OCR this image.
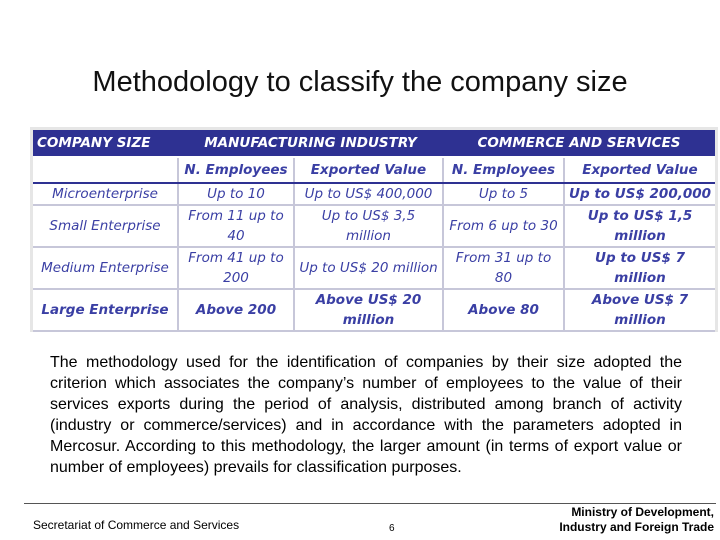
Methodology to classify the company size
COMPANY SIZE	MANUFACTURING INDUSTRY		COMMERCE AND SERVICES	
	N. Employees	Exported Value	N. Employees	Exported Value
Microenterprise	Up to 10	Up to US$ 400,000	Up to 5	Up to US$ 200,000
Small Enterprise	From 11 up to 40	Up to US$ 3,5 million	From 6 up to 30	Up to US$ 1,5 million
Medium Enterprise	From 41 up to 200	Up to US$ 20 million	From 31 up to 80	Up to US$ 7 million
Large Enterprise	Above 200	Above US$ 20 million	Above 80	Above US$ 7 million
The methodology used for the identification of companies by their size adopted the criterion which associates the company’s number of employees to the value of their services exports during the period of analysis, distributed among branch of activity (industry or commerce/services) and in accordance with the parameters adopted in Mercosur. According to this methodology, the larger amount (in terms of export value or number of employees) prevails for classification purposes.
Secretariat of Commerce and Services	6
Ministry of Development,
Industry and Foreign Trade
